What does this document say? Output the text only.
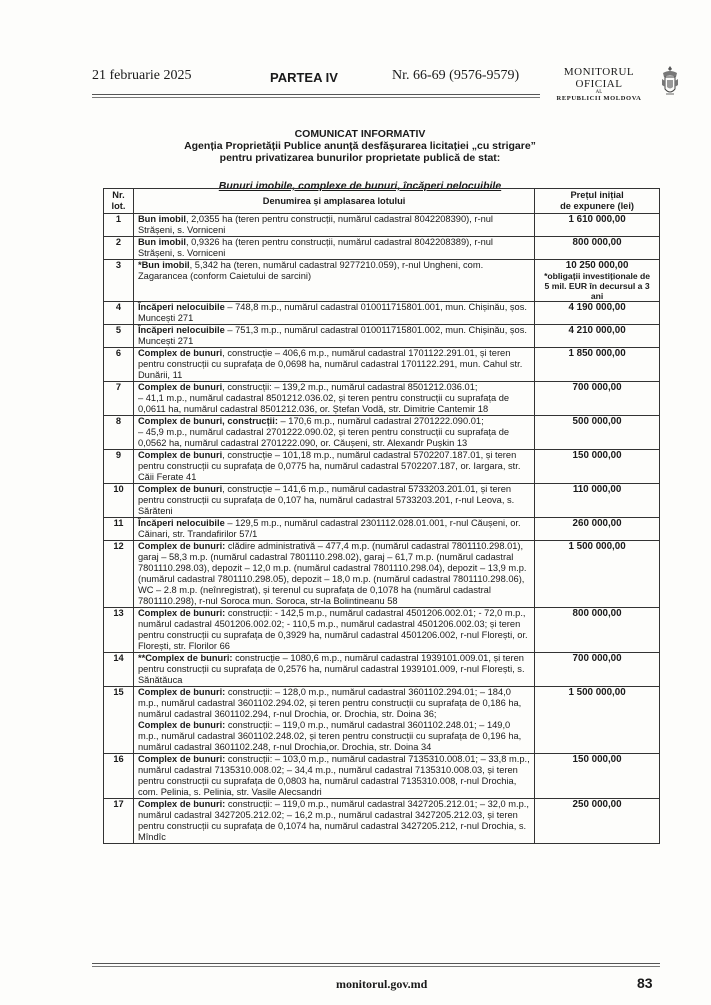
21 februarie 2025	PARTEA IV	Nr. 66-69 (9576-9579)	MONITORUL OFICIAL
AL
REPUBLICII MOLDOVA
COMUNICAT INFORMATIV
Agenția Proprietății Publice anunță desfășurarea licitației „cu strigare”
pentru privatizarea bunurilor proprietate publică de stat:
Bunuri imobile, complexe de bunuri, încăperi nelocuibile
Nr. lot.	Denumirea și amplasarea lotului	Prețul inițial
de expunere (lei)

1	Bun imobil, 2,0355 ha (teren pentru construcții, numărul cadastral 8042208390), r-nul Strășeni, s. Vorniceni	1 610 000,00

2	Bun imobil, 0,9326 ha (teren pentru construcții, numărul cadastral 8042208389), r-nul Strășeni, s. Vorniceni	800 000,00

3	*Bun imobil, 5,342 ha (teren, numărul cadastral 9277210.059), r-nul Ungheni, com. Zagarancea (conform Caietului de sarcini)	10 250 000,00
*obligații investiționale de
5 mil. EUR în decursul a 3 ani

4	Încăperi nelocuibile – 748,8 m.p., numărul cadastral 010011715801.001, mun. Chișinău, șos. Muncești 271	4 190 000,00

5	Încăperi nelocuibile – 751,3 m.p., numărul cadastral 010011715801.002, mun. Chișinău, șos. Muncești 271	4 210 000,00

6	Complex de bunuri, construcție – 406,6 m.p., numărul cadastral 1701122.291.01, și teren pentru construcții cu suprafața de 0,0698 ha, numărul cadastral 1701122.291, mun. Cahul str. Dunării, 11	1 850 000,00

7	Complex de bunuri, construcții: – 139,2 m.p., numărul cadastral 8501212.036.01;
– 41,1 m.p., numărul cadastral 8501212.036.02, și teren pentru construcții cu suprafața de 0,0611 ha, numărul cadastral 8501212.036, or. Ștefan Vodă, str. Dimitrie Cantemir 18	700 000,00

8	Complex de bunuri, construcții: – 170,6 m.p., numărul cadastral 2701222.090.01;
– 45,9 m.p., numărul cadastral 2701222.090.02, și teren pentru construcții cu suprafața de 0,0562 ha, numărul cadastral 2701222.090, or. Căușeni, str. Alexandr Pușkin 13	500 000,00

9	Complex de bunuri, construcție – 101,18 m.p., numărul cadastral 5702207.187.01, și teren pentru construcții cu suprafața de 0,0775 ha, numărul cadastral 5702207.187, or. Iargara, str. Căii Ferate 41	150 000,00

10	Complex de bunuri, construcție – 141,6 m.p., numărul cadastral 5733203.201.01, și teren pentru construcții cu suprafața de 0,107 ha, numărul cadastral 5733203.201, r-nul Leova, s. Sărăteni	110 000,00

11	Încăperi nelocuibile – 129,5 m.p., numărul cadastral 2301112.028.01.001, r-nul Căușeni, or. Căinari, str. Trandafirilor 57/1	260 000,00

12	Complex de bunuri: clădire administrativă – 477,4 m.p. (numărul cadastral 7801110.298.01), garaj – 58,3 m.p. (numărul cadastral 7801110.298.02), garaj – 61,7 m.p. (numărul cadastral 7801110.298.03), depozit – 12,0 m.p. (numărul cadastral 7801110.298.04), depozit – 13,9 m.p. (numărul cadastral 7801110.298.05), depozit – 18,0 m.p. (numărul cadastral 7801110.298.06), WC – 2.8 m.p. (neînregistrat), și terenul cu suprafața de 0,1078 ha (numărul cadastral 7801110.298), r-nul Soroca mun. Soroca, str-la Bolintineanu 58	1 500 000,00

13	Complex de bunuri: construcții: - 142,5 m.p., numărul cadastral 4501206.002.01; - 72,0 m.p., numărul cadastral 4501206.002.02; - 110,5 m.p., numărul cadastral 4501206.002.03; și teren pentru construcții cu suprafața de 0,3929 ha, numărul cadastral 4501206.002, r-nul Florești, or. Florești, str. Florilor 66	800 000,00

14	**Complex de bunuri: construcție – 1080,6 m.p., numărul cadastral 1939101.009.01, și teren pentru construcții cu suprafața de 0,2576 ha, numărul cadastral 1939101.009, r-nul Florești, s. Sănătăuca	700 000,00

15	Complex de bunuri: construcții: – 128,0 m.p., numărul cadastral 3601102.294.01; – 184,0 m.p., numărul cadastral 3601102.294.02, și teren pentru construcții cu suprafața de 0,186 ha, numărul cadastral 3601102.294, r-nul Drochia, or. Drochia, str. Doina 36;
Complex de bunuri: construcții: – 119,0 m.p., numărul cadastral 3601102.248.01; – 149,0 m.p., numărul cadastral 3601102.248.02, și teren pentru construcții cu suprafața de 0,196 ha, numărul cadastral 3601102.248, r-nul Drochia,or. Drochia, str. Doina 34	1 500 000,00

16	Complex de bunuri: construcții: – 103,0 m.p., numărul cadastral 7135310.008.01; – 33,8 m.p., numărul cadastral 7135310.008.02; – 34,4 m.p., numărul cadastral 7135310.008.03, și teren pentru construcții cu suprafața de 0,0803 ha, numărul cadastral 7135310.008, r-nul Drochia, com. Pelinia, s. Pelinia, str. Vasile Alecsandri	150 000,00

17	Complex de bunuri: construcții: – 119,0 m.p., numărul cadastral 3427205.212.01; – 32,0 m.p., numărul cadastral 3427205.212.02; – 16,2 m.p., numărul cadastral 3427205.212.03, și teren pentru construcții cu suprafața de 0,1074 ha, numărul cadastral 3427205.212, r-nul Drochia, s. Mîndîc	250 000,00
monitorul.gov.md	83
